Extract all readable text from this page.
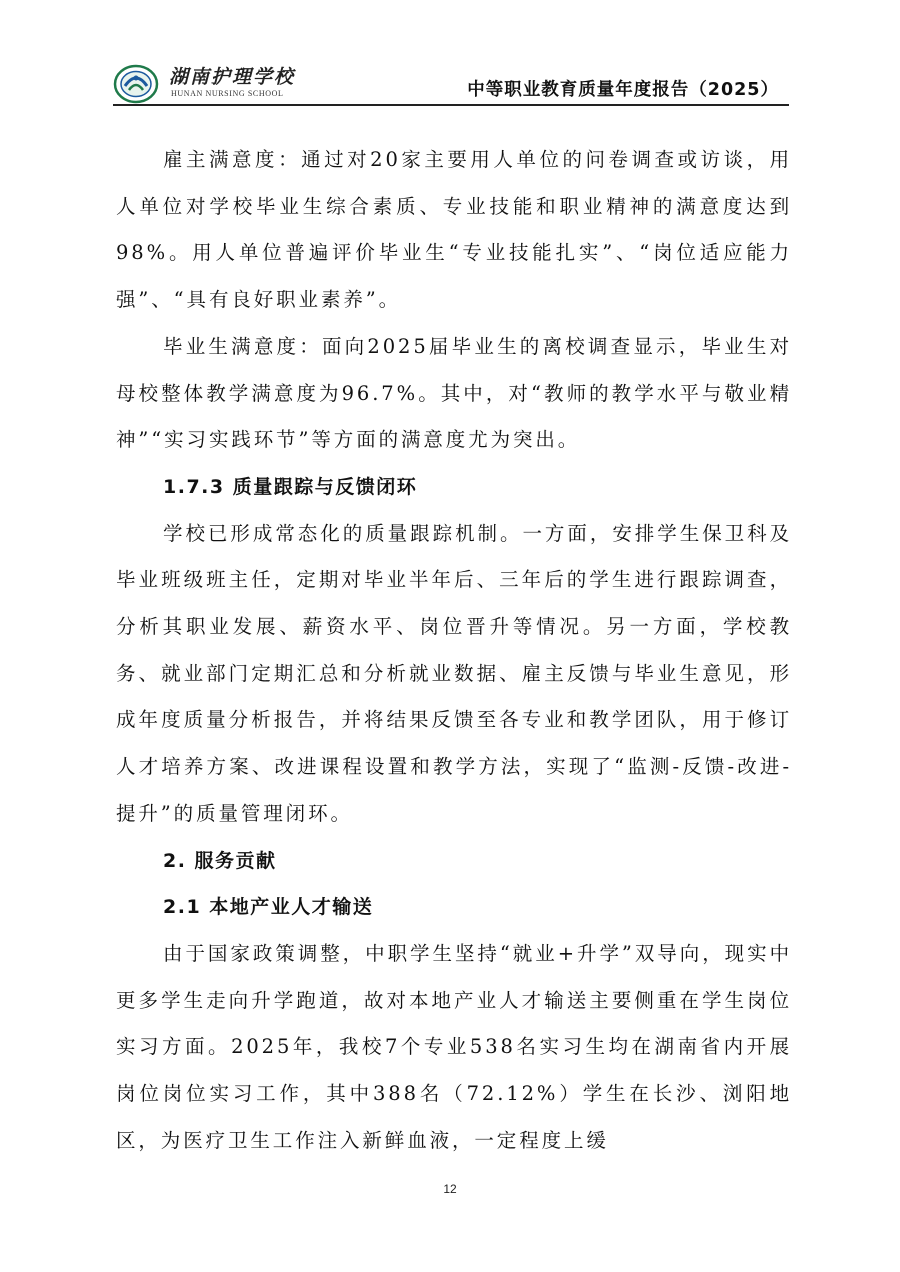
湖南护理学校
HUNAN NURSING SCHOOL	中等职业教育质量年度报告（2025）

雇主满意度：通过对20家主要用人单位的问卷调查或访谈，用人单位对学校毕业生综合素质、专业技能和职业精神的满意度达到98%。用人单位普遍评价毕业生“专业技能扎实”、“岗位适应能力强”、“具有良好职业素养”。

毕业生满意度：面向2025届毕业生的离校调查显示，毕业生对母校整体教学满意度为96.7%。其中，对“教师的教学水平与敬业精神”“实习实践环节”等方面的满意度尤为突出。

1.7.3 质量跟踪与反馈闭环

学校已形成常态化的质量跟踪机制。一方面，安排学生保卫科及毕业班级班主任，定期对毕业半年后、三年后的学生进行跟踪调查，分析其职业发展、薪资水平、岗位晋升等情况。另一方面，学校教务、就业部门定期汇总和分析就业数据、雇主反馈与毕业生意见，形成年度质量分析报告，并将结果反馈至各专业和教学团队，用于修订人才培养方案、改进课程设置和教学方法，实现了“监测-反馈-改进-提升”的质量管理闭环。

2. 服务贡献
2.1 本地产业人才输送

由于国家政策调整，中职学生坚持“就业+升学”双导向，现实中更多学生走向升学跑道，故对本地产业人才输送主要侧重在学生岗位实习方面。2025年，我校7个专业538名实习生均在湖南省内开展岗位岗位实习工作，其中388名（72.12%）学生在长沙、浏阳地区，为医疗卫生工作注入新鲜血液，一定程度上缓

12
